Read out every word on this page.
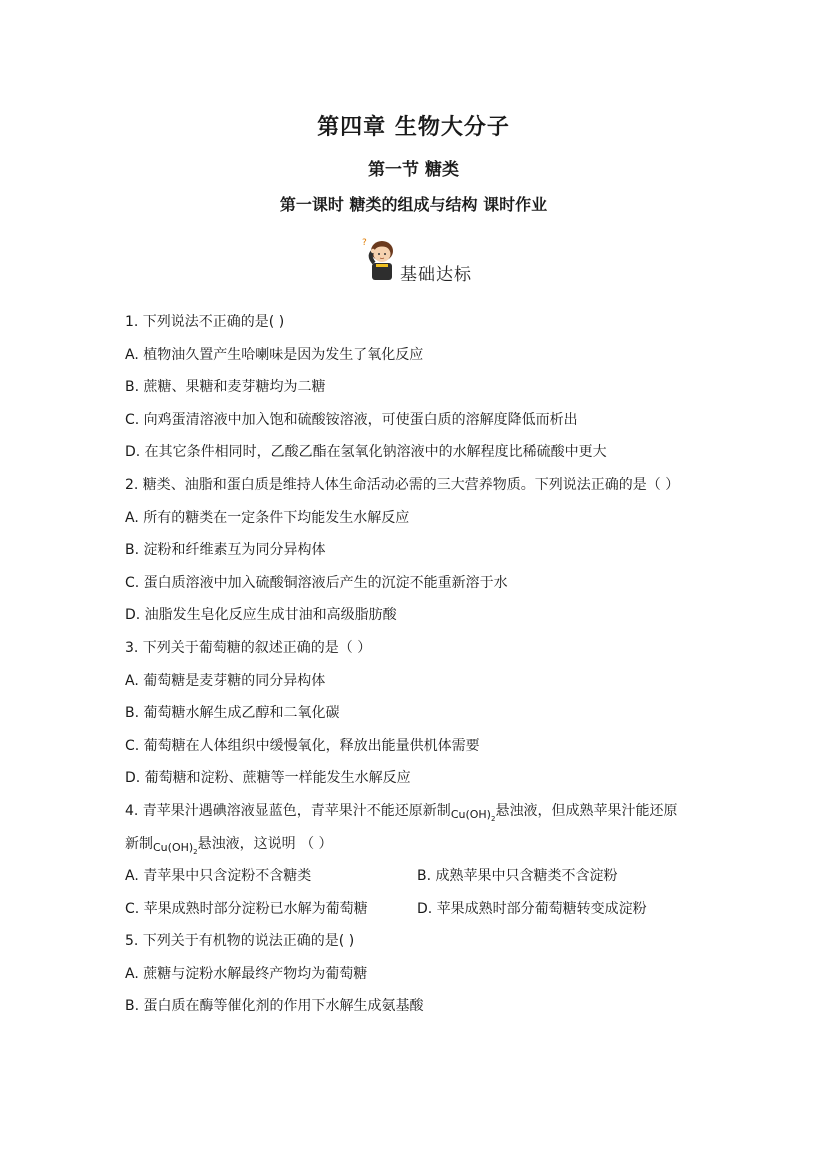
第四章 生物大分子
第一节 糖类
第一课时 糖类的组成与结构 课时作业
?
基础达标
1. 下列说法不正确的是( )
A. 植物油久置产生哈喇味是因为发生了氧化反应
B. 蔗糖、果糖和麦芽糖均为二糖
C. 向鸡蛋清溶液中加入饱和硫酸铵溶液，可使蛋白质的溶解度降低而析出
D. 在其它条件相同时，乙酸乙酯在氢氧化钠溶液中的水解程度比稀硫酸中更大
2. 糖类、油脂和蛋白质是维持人体生命活动必需的三大营养物质。下列说法正确的是（ ）
A. 所有的糖类在一定条件下均能发生水解反应
B. 淀粉和纤维素互为同分异构体
C. 蛋白质溶液中加入硫酸铜溶液后产生的沉淀不能重新溶于水
D. 油脂发生皂化反应生成甘油和高级脂肪酸
3. 下列关于葡萄糖的叙述正确的是（ ）
A. 葡萄糖是麦芽糖的同分异构体
B. 葡萄糖水解生成乙醇和二氧化碳
C. 葡萄糖在人体组织中缓慢氧化，释放出能量供机体需要
D. 葡萄糖和淀粉、蔗糖等一样能发生水解反应
4. 青苹果汁遇碘溶液显蓝色，青苹果汁不能还原新制$_{Cu(OH)_2}$悬浊液，但成熟苹果汁能还原
新制$_{Cu(OH)_2}$悬浊液，这说明 （ ）
A. 青苹果中只含淀粉不含糖类	B. 成熟苹果中只含糖类不含淀粉
C. 苹果成熟时部分淀粉已水解为葡萄糖	D. 苹果成熟时部分葡萄糖转变成淀粉
5. 下列关于有机物的说法正确的是( )
A. 蔗糖与淀粉水解最终产物均为葡萄糖
B. 蛋白质在酶等催化剂的作用下水解生成氨基酸
